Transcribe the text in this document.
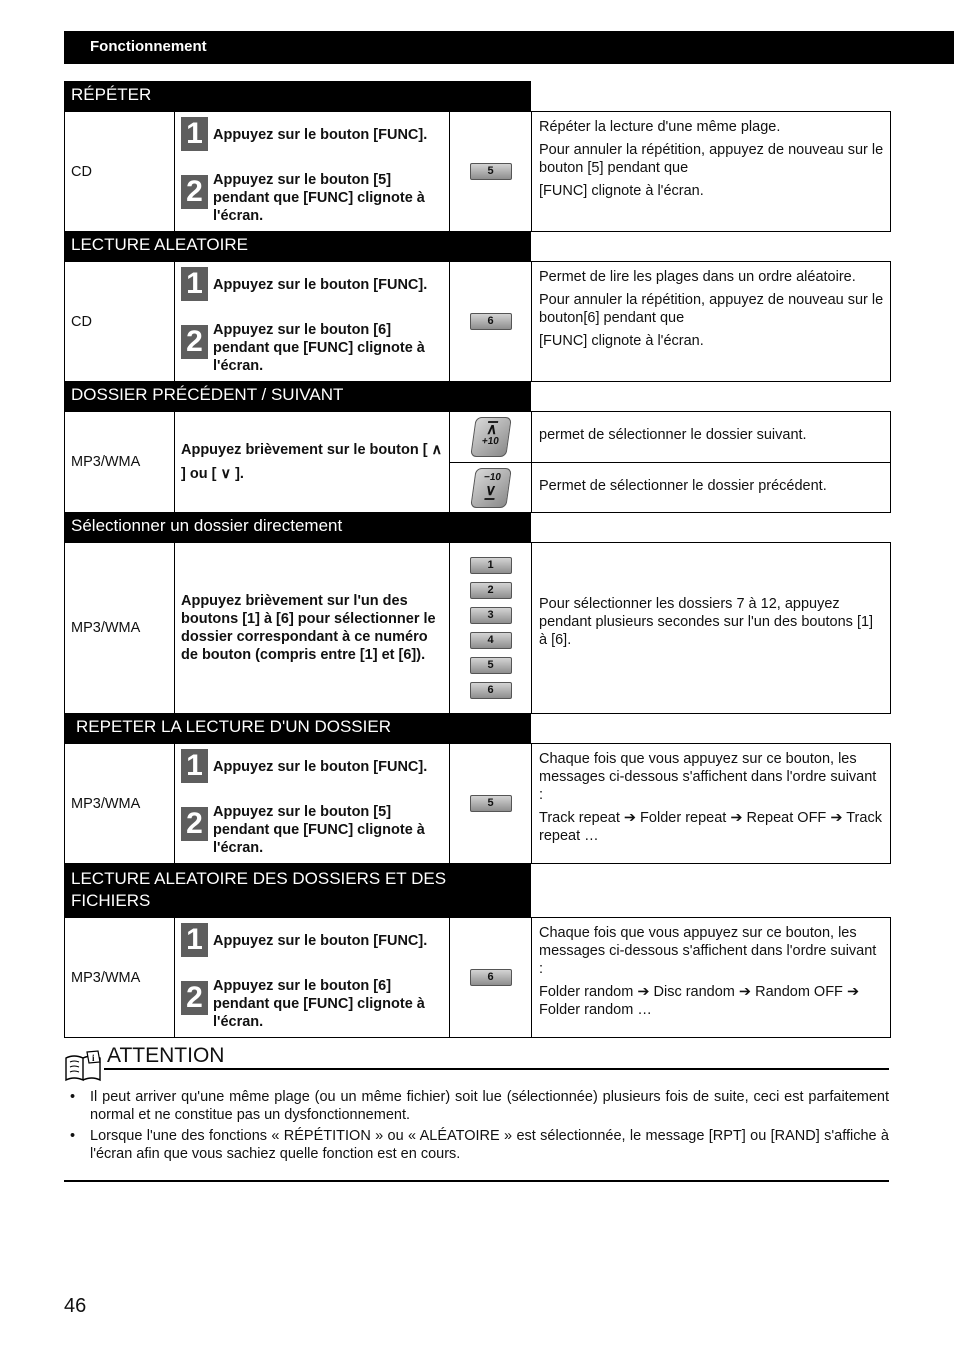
Fonctionnement
RÉPÉTER
CD
1 Appuyez sur le bouton [FUNC].
2 Appuyez sur le bouton [5] pendant que [FUNC] clignote à l'écran.
5

Répéter la lecture d'une même plage.

Pour annuler la répétition, appuyez de nouveau sur le bouton [5] pendant que

[FUNC] clignote à l'écran.

LECTURE ALEATOIRE
CD
1 Appuyez sur le bouton [FUNC].
2 Appuyez sur le bouton [6] pendant que [FUNC] clignote à l'écran.
6

Permet de lire les plages dans un ordre aléatoire.

Pour annuler la répétition, appuyez de nouveau sur le bouton[6] pendant que

[FUNC] clignote à l'écran.

DOSSIER PRÉCÉDENT / SUIVANT
MP3/WMA
Appuyez brièvement sur le bouton [ ∧ ] ou [ ∨ ].
∧
+10
−10
∨

permet de sélectionner le dossier suivant.

Permet de sélectionner le dossier précédent.

Sélectionner un dossier directement
MP3/WMA
Appuyez brièvement sur l'un des boutons [1] à [6] pour sélectionner le dossier correspondant à ce numéro de bouton (compris entre [1] et [6]).
1
2
3
4
5
6

Pour sélectionner les dossiers 7 à 12, appuyez pendant plusieurs secondes sur l'un des boutons [1] à [6].

REPETER LA LECTURE D'UN DOSSIER
MP3/WMA
1 Appuyez sur le bouton [FUNC].
2 Appuyez sur le bouton [5] pendant que [FUNC] clignote à l'écran.
5

Chaque fois que vous appuyez sur ce bouton, les messages ci-dessous s'affichent dans l'ordre suivant :

Track repeat ➔ Folder repeat ➔ Repeat OFF ➔ Track repeat …

LECTURE ALEATOIRE DES DOSSIERS ET DES FICHIERS
MP3/WMA
1 Appuyez sur le bouton [FUNC].
2 Appuyez sur le bouton [6] pendant que [FUNC] clignote à l'écran.
6

Chaque fois que vous appuyez sur ce bouton, les messages ci-dessous s'affichent dans l'ordre suivant :

Folder random ➔ Disc random ➔ Random OFF ➔ Folder random …

i ATTENTION
• Il peut arriver qu'une même plage (ou un même fichier) soit lue (sélectionnée) plusieurs fois de suite, ceci est parfaitement normal et ne constitue pas un dysfonctionnement.
• Lorsque l'une des fonctions « RÉPÉTITION » ou « ALÉATOIRE » est sélectionnée, le message [RPT] ou [RAND] s'affiche à l'écran afin que vous sachiez quelle fonction est en cours.
46
